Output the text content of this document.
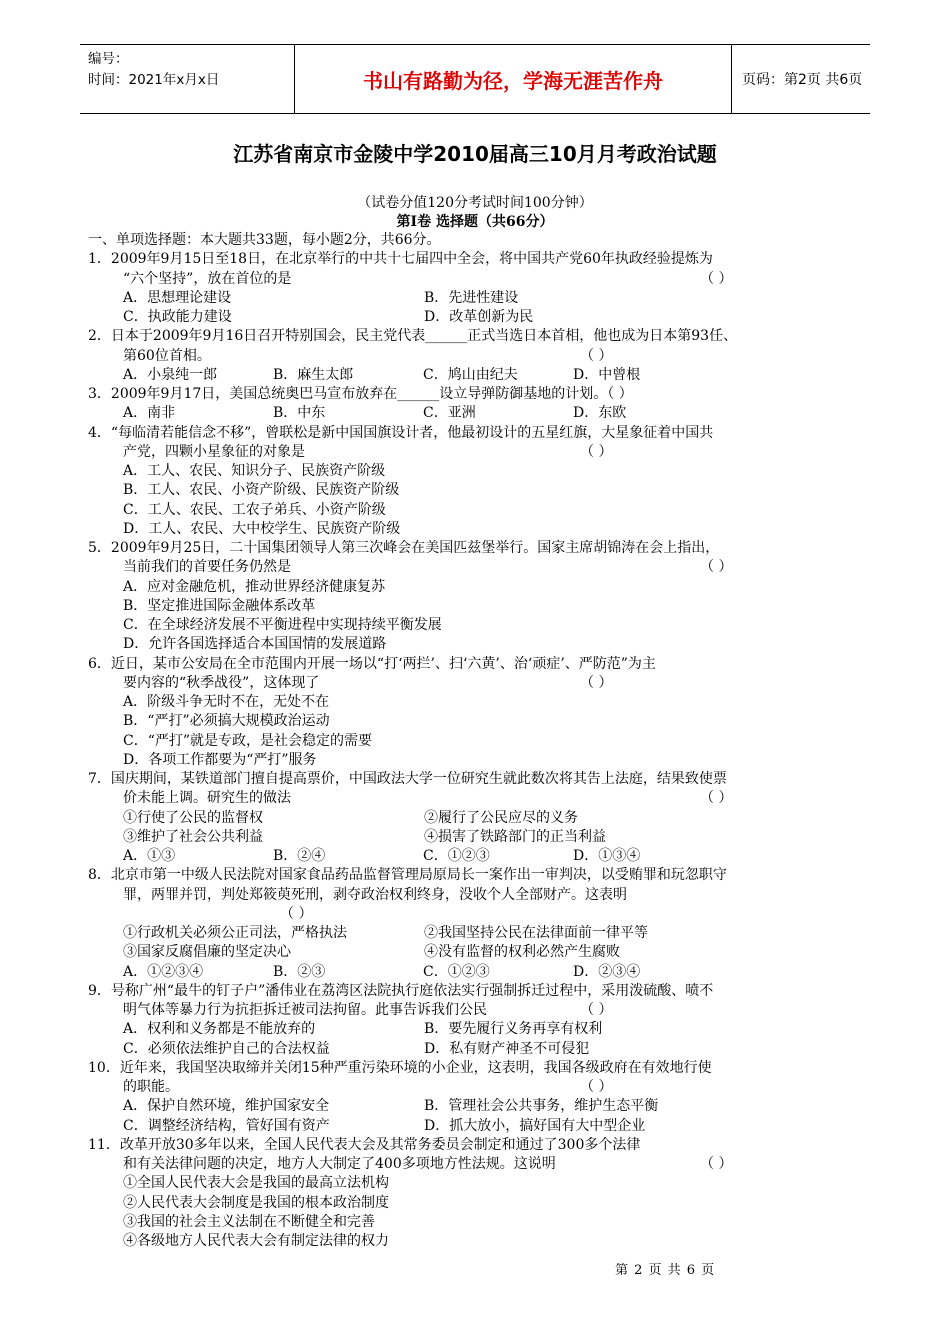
编号：
时间：2021年x月x日	书山有路勤为径，学海无涯苦作舟	页码：第2页 共6页
江苏省南京市金陵中学2010届高三10月月考政治试题
（试卷分值120分考试时间100分钟）
第Ⅰ卷 选择题（共66分）
一、单项选择题：本大题共33题，每小题2分，共66分。
1．2009年9月15日至18日，在北京举行的中共十七届四中全会，将中国共产党60年执政经验提炼为
“六个坚持”，放在首位的是	（ ）
A．思想理论建设	B．先进性建设
C．执政能力建设	D．改革创新为民
2．日本于2009年9月16日召开特别国会，民主党代表______正式当选日本首相，他也成为日本第93任、
第60位首相。	（ ）
A．小泉纯一郎	B．麻生太郎	C．鸠山由纪夫	D．中曾根
3．2009年9月17日，美国总统奥巴马宣布放弃在______设立导弹防御基地的计划。（ ）
A．南非	B．中东	C．亚洲	D．东欧
4．“每临清若能信念不移”，曾联松是新中国国旗设计者，他最初设计的五星红旗，大星象征着中国共
产党，四颗小星象征的对象是	（ ）
A．工人、农民、知识分子、民族资产阶级
B．工人、农民、小资产阶级、民族资产阶级
C．工人、农民、工农子弟兵、小资产阶级
D．工人、农民、大中校学生、民族资产阶级
5．2009年9月25日，二十国集团领导人第三次峰会在美国匹兹堡举行。国家主席胡锦涛在会上指出，
当前我们的首要任务仍然是	（ ）
A．应对金融危机，推动世界经济健康复苏
B．坚定推进国际金融体系改革
C．在全球经济发展不平衡进程中实现持续平衡发展
D．允许各国选择适合本国国情的发展道路
6．近日，某市公安局在全市范围内开展一场以“打‘两拦’、扫‘六黄’、治‘顽症’、严防范”为主
要内容的“秋季战役”，这体现了	（ ）
A．阶级斗争无时不在，无处不在
B．“严打”必须搞大规模政治运动
C．“严打”就是专政，是社会稳定的需要
D．各项工作都要为“严打”服务
7．国庆期间，某铁道部门擅自提高票价，中国政法大学一位研究生就此数次将其告上法庭，结果致使票
价未能上调。研究生的做法	（ ）
①行使了公民的监督权	②履行了公民应尽的义务
③维护了社会公共利益	④损害了铁路部门的正当利益
A．①③	B．②④	C．①②③	D．①③④
8．北京市第一中级人民法院对国家食品药品监督管理局原局长一案作出一审判决，以受贿罪和玩忽职守
罪，两罪并罚，判处郑筱萸死刑，剥夺政治权利终身，没收个人全部财产。这表明
（ ）
①行政机关必须公正司法，严格执法	②我国坚持公民在法律面前一律平等
③国家反腐倡廉的坚定决心	④没有监督的权利必然产生腐败
A．①②③④	B．②③	C．①②③	D．②③④
9．号称广州“最牛的钉子户”潘伟业在荔湾区法院执行庭依法实行强制拆迁过程中，采用泼硫酸、喷不
明气体等暴力行为抗拒拆迁被司法拘留。此事告诉我们公民	（ ）
A．权利和义务都是不能放弃的	B．要先履行义务再享有权利
C．必须依法维护自己的合法权益	D．私有财产神圣不可侵犯
10．近年来，我国坚决取缔并关闭15种严重污染环境的小企业，这表明，我国各级政府在有效地行使
的职能。	（ ）
A．保护自然环境，维护国家安全	B．管理社会公共事务，维护生态平衡
C．调整经济结构，管好国有资产	D．抓大放小，搞好国有大中型企业
11．改革开放30多年以来，全国人民代表大会及其常务委员会制定和通过了300多个法律
和有关法律问题的决定，地方人大制定了400多项地方性法规。这说明	（ ）
①全国人民代表大会是我国的最高立法机构
②人民代表大会制度是我国的根本政治制度
③我国的社会主义法制在不断健全和完善
④各级地方人民代表大会有制定法律的权力
第 2 页 共 6 页
